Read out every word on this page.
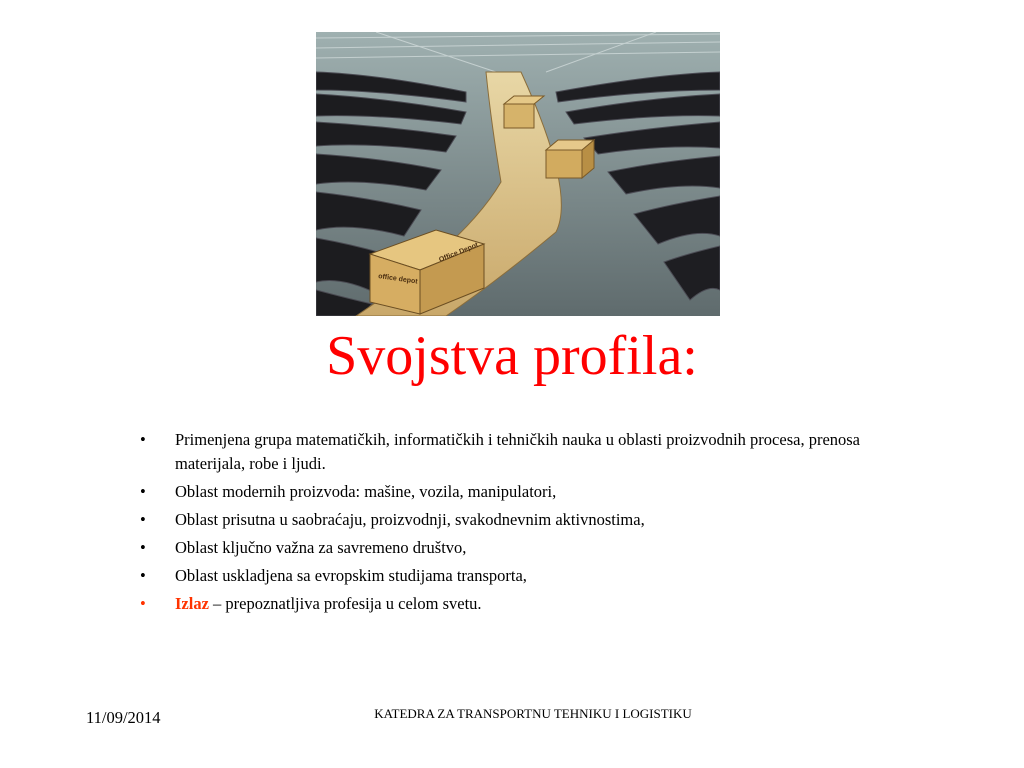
office depot
Office Depot
Svojstva profila:
• Primenjena grupa matematičkih, informatičkih i tehničkih nauka u oblasti proizvodnih procesa, prenosa materijala, robe i ljudi.
• Oblast modernih proizvoda: mašine, vozila, manipulatori,
• Oblast prisutna u saobraćaju, proizvodnji, svakodnevnim aktivnostima,
• Oblast ključno važna za savremeno društvo,
• Oblast uskladjena sa evropskim studijama transporta,
• Izlaz – prepoznatljiva profesija u celom svetu.
11/09/2014	KATEDRA ZA TRANSPORTNU TEHNIKU I LOGISTIKU
